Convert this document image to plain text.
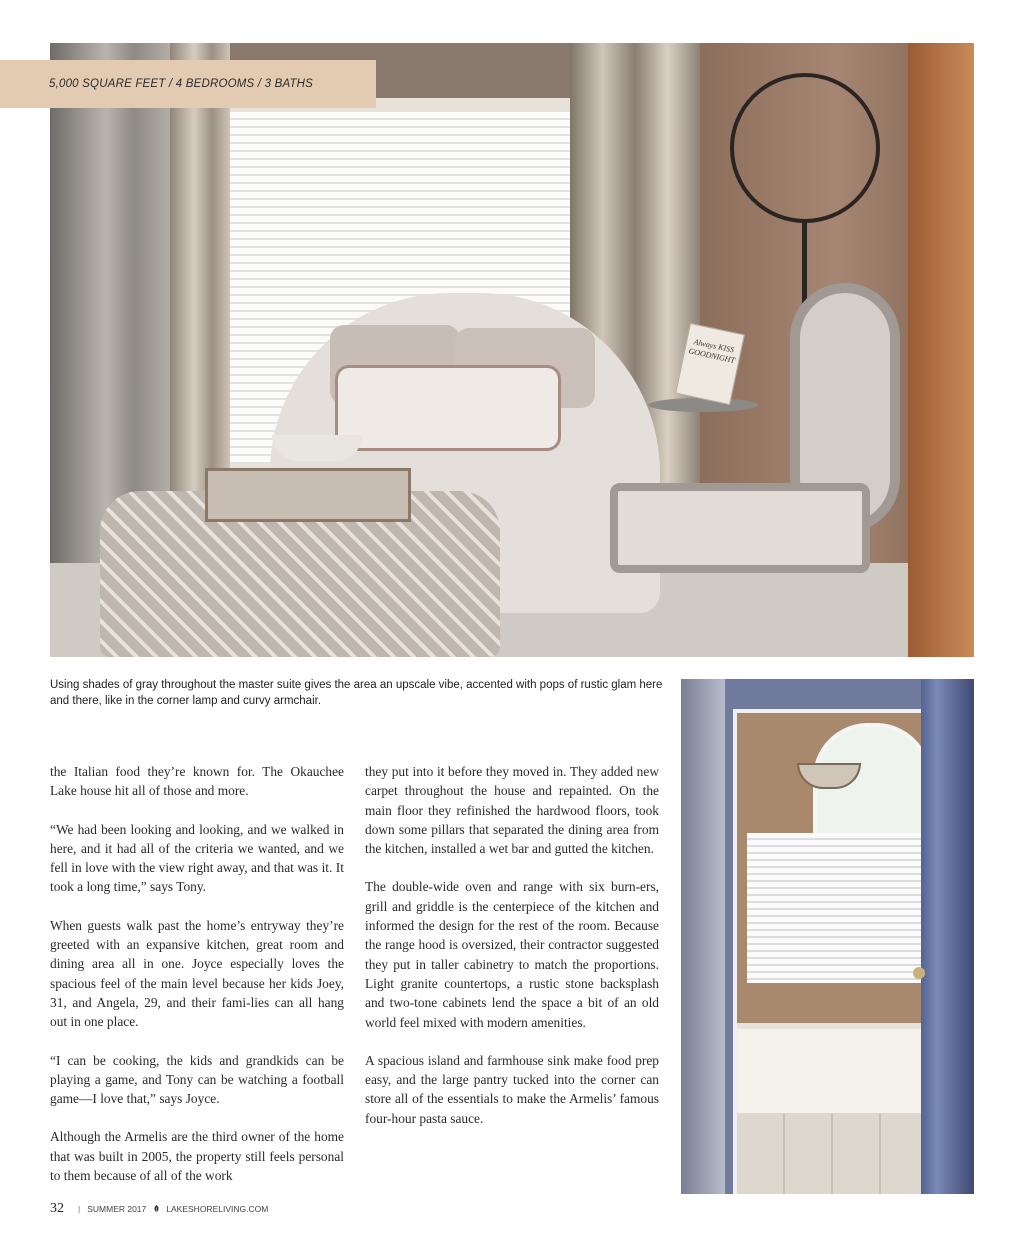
Always KISS GOODNIGHT
5,000 SQUARE FEET / 4 BEDROOMS / 3 BATHS
Using shades of gray throughout the master suite gives the area an upscale vibe, accented with pops of rustic glam here and there, like in the corner lamp and curvy armchair.

the Italian food they’re known for. The Okauchee Lake house hit all of those and more.

“We had been looking and looking, and we walked in here, and it had all of the criteria we wanted, and we fell in love with the view right away, and that was it. It took a long time,” says Tony.

When guests walk past the home’s entryway they’re greeted with an expansive kitchen, great room and dining area all in one. Joyce especially loves the spacious feel of the main level because her kids Joey, 31, and Angela, 29, and their fami-lies can all hang out in one place.

“I can be cooking, the kids and grandkids can be playing a game, and Tony can be watching a football game—I love that,” says Joyce.

Although the Armelis are the third owner of the home that was built in 2005, the property still feels personal to them because of all of the work

they put into it before they moved in. They added new carpet throughout the house and repainted. On the main floor they refinished the hardwood floors, took down some pillars that separated the dining area from the kitchen, installed a wet bar and gutted the kitchen.

The double-wide oven and range with six burn-ers, grill and griddle is the centerpiece of the kitchen and informed the design for the rest of the room. Because the range hood is oversized, their contractor suggested they put in taller cabinetry to match the proportions. Light granite countertops, a rustic stone backsplash and two-tone cabinets lend the space a bit of an old world feel mixed with modern amenities.

A spacious island and farmhouse sink make food prep easy, and the large pantry tucked into the corner can store all of the essentials to make the Armelis’ famous four-hour pasta sauce.

32 | SUMMER 2017 LAKESHORELIVING.COM
